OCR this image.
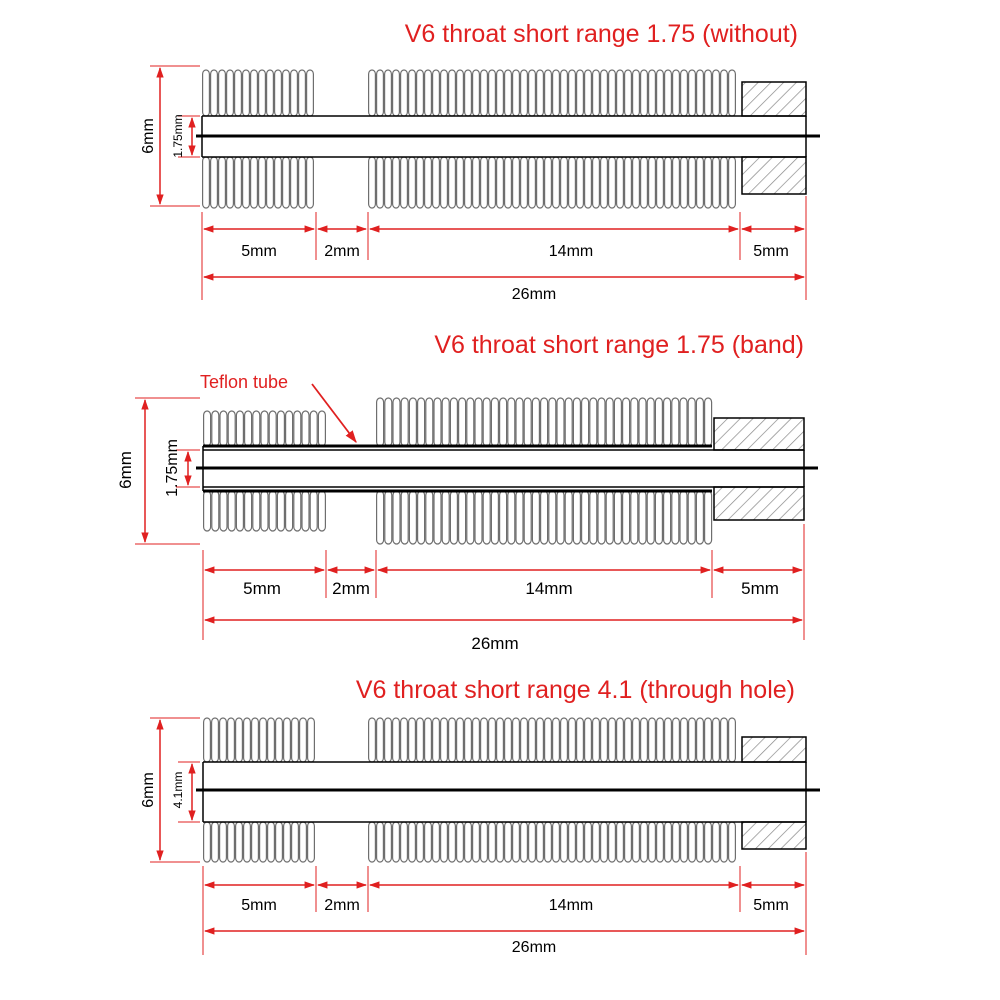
V6 throat short range 1.75 (without)
V6 throat short range 1.75 (band)
V6 throat short range 4.1 (through hole)
6mm 1.75mm
5mm	2mm	14mm	5mm
26mm
Teflon tube
6mm 1.75mm
5mm	2mm	14mm	5mm
26mm
6mm 4.1mm
5mm	2mm	14mm	5mm
26mm
